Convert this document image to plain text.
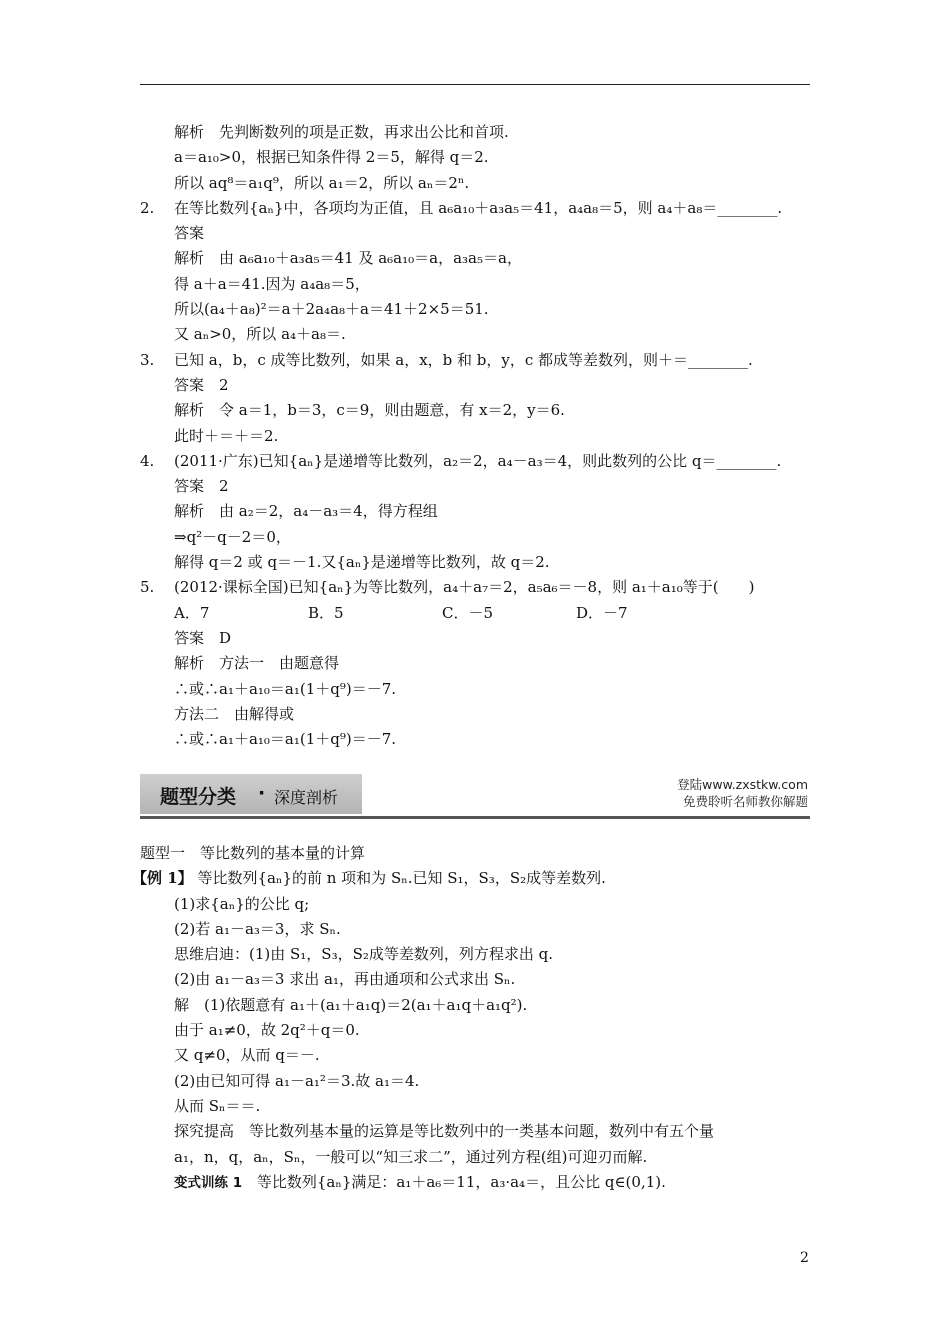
解析　先判断数列的项是正数，再求出公比和首项.
a＝a₁₀>0，根据已知条件得 2＝5，解得 q＝2.
所以 aq⁸＝a₁q⁹，所以 a₁＝2，所以 aₙ＝2ⁿ.
2. 在等比数列{aₙ}中，各项均为正值，且 a₆a₁₀＋a₃a₅＝41，a₄a₈＝5，则 a₄＋a₈＝________.
答案
解析　由 a₆a₁₀＋a₃a₅＝41 及 a₆a₁₀＝a，a₃a₅＝a，
得 a＋a＝41.因为 a₄a₈＝5，
所以(a₄＋a₈)²＝a＋2a₄a₈＋a＝41＋2×5＝51.
又 aₙ>0，所以 a₄＋a₈＝.
3. 已知 a，b，c 成等比数列，如果 a，x，b 和 b，y，c 都成等差数列，则＋＝________.
答案　2
解析　令 a＝1，b＝3，c＝9，则由题意，有 x＝2，y＝6.
此时＋＝＋＝2.
4. (2011·广东)已知{aₙ}是递增等比数列，a₂＝2，a₄－a₃＝4，则此数列的公比 q＝________.
答案　2
解析　由 a₂＝2，a₄－a₃＝4，得方程组
⇒q²－q－2＝0，
解得 q＝2 或 q＝－1.又{aₙ}是递增等比数列，故 q＝2.
5. (2012·课标全国)已知{aₙ}为等比数列，a₄＋a₇＝2，a₅a₆＝－8，则 a₁＋a₁₀等于(　　)
A．7	B．5	C．－5	D．－7
答案　D
解析　方法一　由题意得
∴或∴a₁＋a₁₀＝a₁(1＋q⁹)＝－7.
方法二　由解得或
∴或∴a₁＋a₁₀＝a₁(1＋q⁹)＝－7.
题型分类 · 深度剖析
登陆www.zxstkw.com
免费聆听名师教你解题
题型一　等比数列的基本量的计算
【例 1】 等比数列{aₙ}的前 n 项和为 Sₙ.已知 S₁，S₃，S₂成等差数列.
(1)求{aₙ}的公比 q;
(2)若 a₁－a₃＝3，求 Sₙ.
思维启迪：(1)由 S₁，S₃，S₂成等差数列，列方程求出 q.
(2)由 a₁－a₃＝3 求出 a₁，再由通项和公式求出 Sₙ.
解　(1)依题意有 a₁＋(a₁＋a₁q)＝2(a₁＋a₁q＋a₁q²).
由于 a₁≠0，故 2q²＋q＝0.
又 q≠0，从而 q＝－.
(2)由已知可得 a₁－a₁²＝3.故 a₁＝4.
从而 Sₙ＝＝.
探究提高　等比数列基本量的运算是等比数列中的一类基本问题，数列中有五个量
a₁，n，q，aₙ，Sₙ，一般可以“知三求二”，通过列方程(组)可迎刃而解.
变式训练 1 等比数列{aₙ}满足：a₁＋a₆＝11，a₃·a₄＝，且公比 q∈(0,1).
2
